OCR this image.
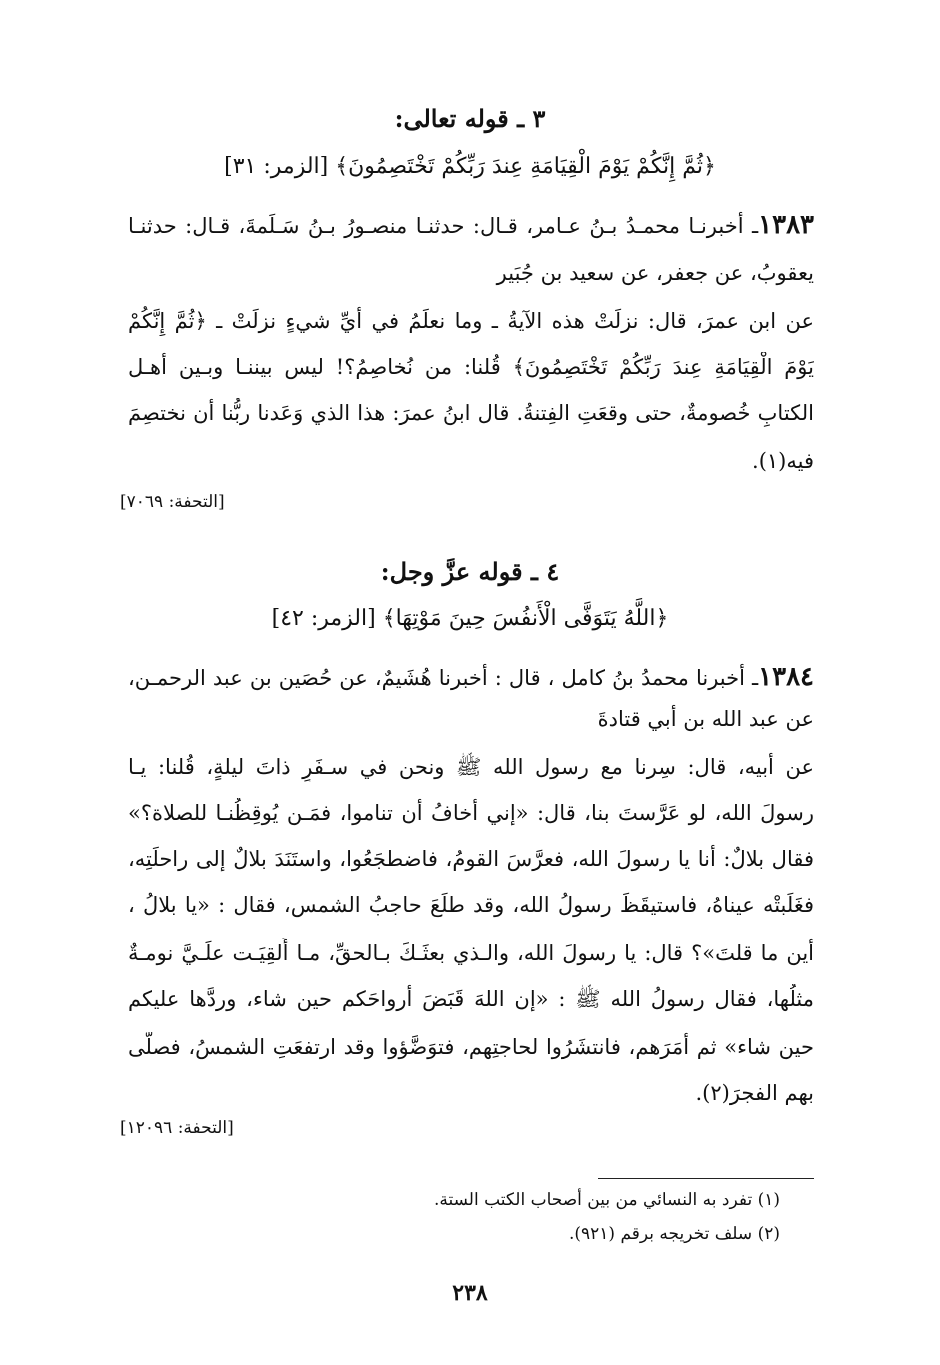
٣ ـ قوله تعالى:
﴿ثُمَّ إِنَّكُمْ يَوْمَ الْقِيَامَةِ عِندَ رَبِّكُمْ تَخْتَصِمُونَ﴾ [الزمر: ٣١]
١٣٨٣ـ أخبرنـا محمـدُ بـنُ عـامر، قـال: حدثنـا منصـورُ بـنُ سَـلَمةَ، قـال: حدثنـا
يعقوبُ، عن جعفر، عن سعيد بن جُبَير
عن ابن عمرَ، قال: نزلَتْ هذه الآيةُ ـ وما نعلَمُ في أيِّ شيءٍ نزلَتْ ـ ﴿ثُمَّ إِنَّكُمْ
يَوْمَ الْقِيَامَةِ عِندَ رَبِّكُمْ تَخْتَصِمُونَ﴾ قُلنا: من نُخاصِمُ؟! ليس بيننـا وبـين أهـل
الكتابِ خُصومةٌ، حتى وقعَتِ الفِتنةُ. قال ابنُ عمرَ: هذا الذي وَعَدنا ربُّنا أن نختصِمَ
فيه(١).
[التحفة: ٧٠٦٩]
٤ ـ قوله عزَّ وجل:
﴿اللَّهُ يَتَوَفَّى الْأَنفُسَ حِينَ مَوْتِهَا﴾ [الزمر: ٤٢]
١٣٨٤ـ أخبرنا محمدُ بنُ كامل ، قال : أخبرنا هُشَيمٌ، عن حُصَين بن عبد الرحمـن،
عن عبد الله بن أبي قتادةَ
عن أبيه، قال: سِرنا مع رسول الله ﷺ ونحن في سـفَرٍ ذاتَ ليلةٍ، قُلنا: يـا
رسولَ الله، لو عَرَّستَ بنا، قال: «إني أخافُ أن تناموا، فمَـن يُوقِظُنـا للصلاة؟»
فقال بلالٌ: أنا يا رسولَ الله، فعرَّسَ القومُ، فاضطجَعُوا، واستَنَدَ بلالٌ إلى راحلَتِه،
فغَلَبتْه عيناهُ، فاستيقَظَ رسولُ الله، وقد طلَعَ حاجبُ الشمس، فقال : «يا بلالُ ،
أين ما قلتَ»؟ قال: يا رسولَ الله، والـذي بعثَـكَ بـالحقِّ، مـا أُلقِيَـت علَـيَّ نومـةٌ
مثلُها، فقال رسولُ الله ﷺ : «إن اللهَ قَبَضَ أرواحَكم حين شاء، وردَّها عليكم
حين شاء» ثم أمَرَهم، فانتشَرُوا لحاجتِهم، فتوَضَّؤوا وقد ارتفعَتِ الشمسُ، فصلَّى
بهم الفجرَ(٢).
[التحفة: ١٢٠٩٦]
(١) تفرد به النسائي من بين أصحاب الكتب الستة.
(٢) سلف تخريجه برقم (٩٢١).
٢٣٨
